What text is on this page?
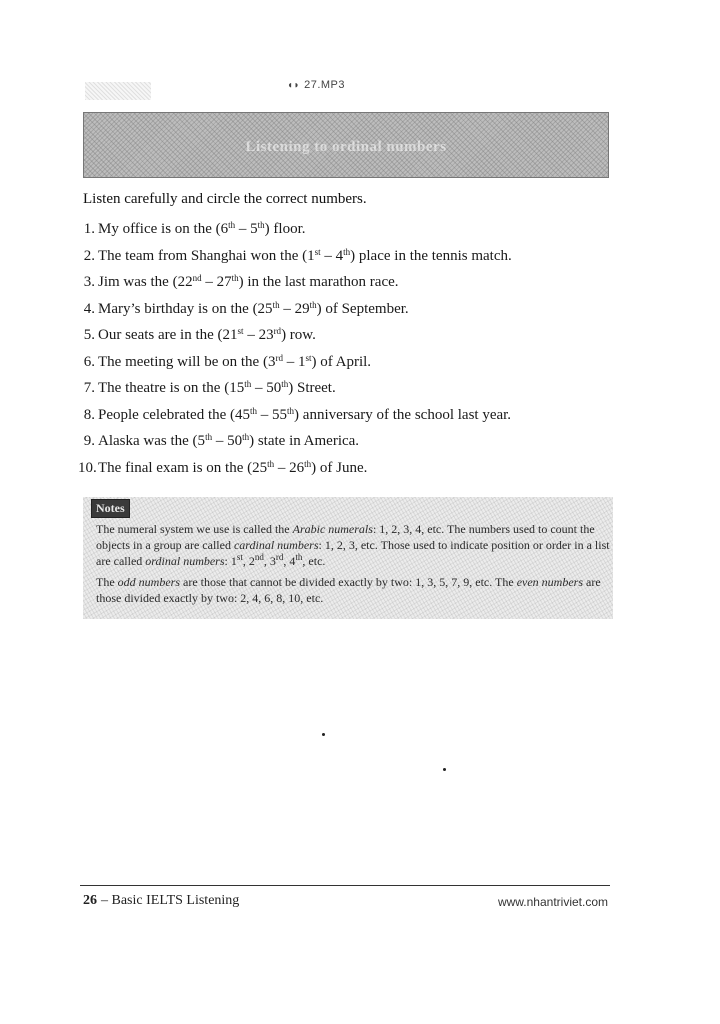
◖◗ 27.MP3
Listening to ordinal numbers
Listen carefully and circle the correct numbers.
1. My office is on the (6th – 5th) floor.
2. The team from Shanghai won the (1st – 4th) place in the tennis match.
3. Jim was the (22nd – 27th) in the last marathon race.
4. Mary’s birthday is on the (25th – 29th) of September.
5. Our seats are in the (21st – 23rd) row.
6. The meeting will be on the (3rd – 1st) of April.
7. The theatre is on the (15th – 50th) Street.
8. People celebrated the (45th – 55th) anniversary of the school last year.
9. Alaska was the (5th – 50th) state in America.
10.The final exam is on the (25th – 26th) of June.
Notes
The numeral system we use is called the Arabic numerals: 1, 2, 3, 4, etc. The numbers used to count the objects in a group are called cardinal numbers: 1, 2, 3, etc. Those used to indicate position or order in a list are called ordinal numbers: 1st, 2nd, 3rd, 4th, etc.
The odd numbers are those that cannot be divided exactly by two: 1, 3, 5, 7, 9, etc. The even numbers are those divided exactly by two: 2, 4, 6, 8, 10, etc.
26 – Basic IELTS Listening	www.nhantriviet.com
